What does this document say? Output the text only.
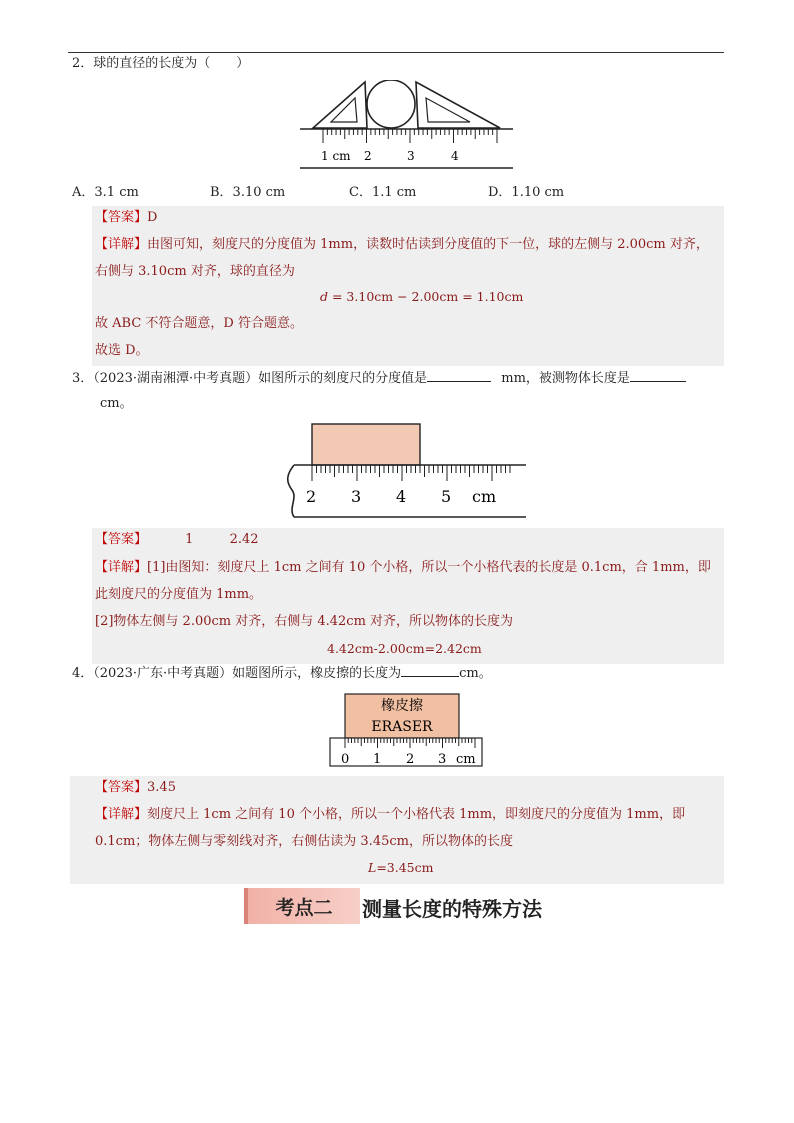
2．球的直径的长度为（　　）
1 cm 2	3	4
A．3.1 cm	B．3.10 cm	C．1.1 cm	D．1.10 cm
【答案】D
【详解】由图可知，刻度尺的分度值为 1mm，读数时估读到分度值的下一位，球的左侧与 2.00cm 对齐，
右侧与 3.10cm 对齐，球的直径为
d = 3.10cm − 2.00cm = 1.10cm
故 ABC 不符合题意，D 符合题意。
故选 D。
3．（2023·湖南湘潭·中考真题）如图所示的刻度尺的分度值是	mm，被测物体长度是
cm。
2 3 4 5 cm
【答案】	1	2.42
【详解】[1]由图知：刻度尺上 1cm 之间有 10 个小格，所以一个小格代表的长度是 0.1cm，合 1mm，即
此刻度尺的分度值为 1mm。
[2]物体左侧与 2.00cm 对齐，右侧与 4.42cm 对齐，所以物体的长度为
4.42cm-2.00cm=2.42cm
4．（2023·广东·中考真题）如题图所示，橡皮擦的长度为	cm。
橡皮擦
ERASER
0 1 2 3 cm
【答案】3.45
【详解】刻度尺上 1cm 之间有 10 个小格，所以一个小格代表 1mm，即刻度尺的分度值为 1mm，即
0.1cm；物体左侧与零刻线对齐，右侧估读为 3.45cm，所以物体的长度
L=3.45cm
考点二	测量长度的特殊方法
